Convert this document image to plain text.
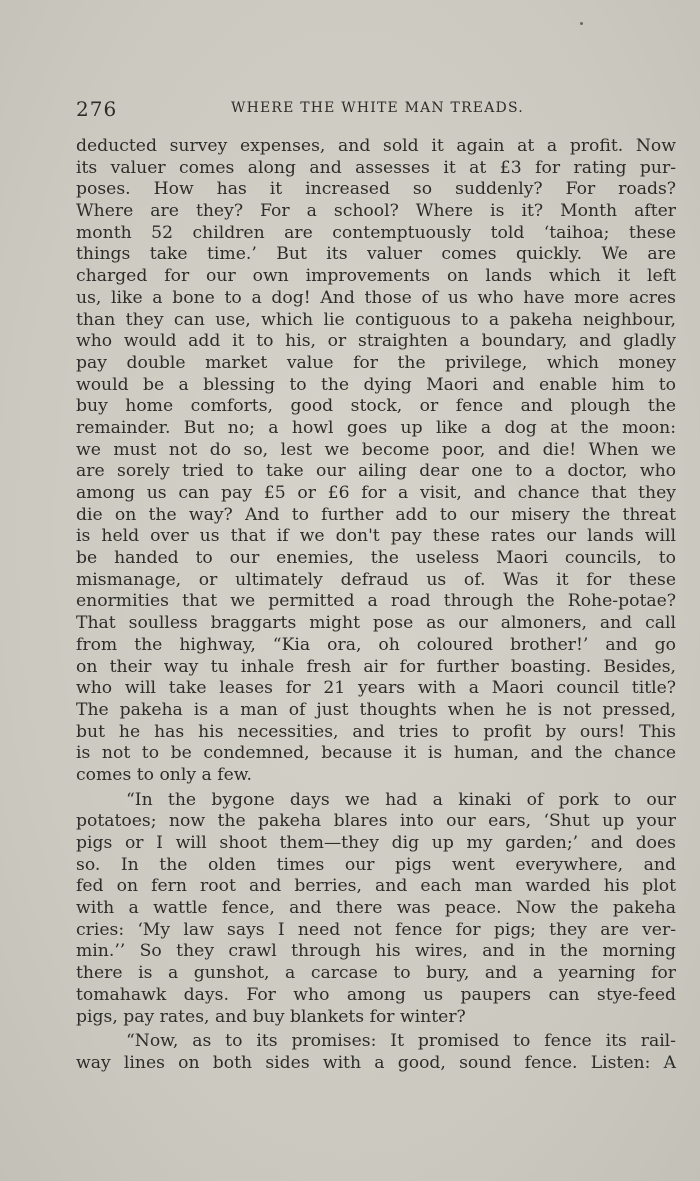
276	WHERE THE WHITE MAN TREADS.
deducted survey expenses, and sold it again at a profit. Now
its valuer comes along and assesses it at £3 for rating pur-
poses. How has it increased so suddenly? For roads?
Where are they? For a school? Where is it? Month after
month 52 children are contemptuously told ‘taihoa; these
things take time.’ But its valuer comes quickly. We are
charged for our own improvements on lands which it left
us, like a bone to a dog! And those of us who have more acres
than they can use, which lie contiguous to a pakeha neighbour,
who would add it to his, or straighten a boundary, and gladly
pay double market value for the privilege, which money
would be a blessing to the dying Maori and enable him to
buy home comforts, good stock, or fence and plough the
remainder. But no; a howl goes up like a dog at the moon:
we must not do so, lest we become poor, and die! When we
are sorely tried to take our ailing dear one to a doctor, who
among us can pay £5 or £6 for a visit, and chance that they
die on the way? And to further add to our misery the threat
is held over us that if we don't pay these rates our lands will
be handed to our enemies, the useless Maori councils, to
mismanage, or ultimately defraud us of. Was it for these
enormities that we permitted a road through the Rohe-potae?
That soulless braggarts might pose as our almoners, and call
from the highway, “Kia ora, oh coloured brother!’ and go
on their way tu inhale fresh air for further boasting. Besides,
who will take leases for 21 years with a Maori council title?
The pakeha is a man of just thoughts when he is not pressed,
but he has his necessities, and tries to profit by ours! This
is not to be condemned, because it is human, and the chance
comes to only a few.
“In the bygone days we had a kinaki of pork to our
potatoes; now the pakeha blares into our ears, ‘Shut up your
pigs or I will shoot them—they dig up my garden;’ and does
so. In the olden times our pigs went everywhere, and
fed on fern root and berries, and each man warded his plot
with a wattle fence, and there was peace. Now the pakeha
cries: ‘My law says I need not fence for pigs; they are ver-
min.’’ So they crawl through his wires, and in the morning
there is a gunshot, a carcase to bury, and a yearning for
tomahawk days. For who among us paupers can stye-feed
pigs, pay rates, and buy blankets for winter?
“Now, as to its promises: It promised to fence its rail-
way lines on both sides with a good, sound fence. Listen: A
